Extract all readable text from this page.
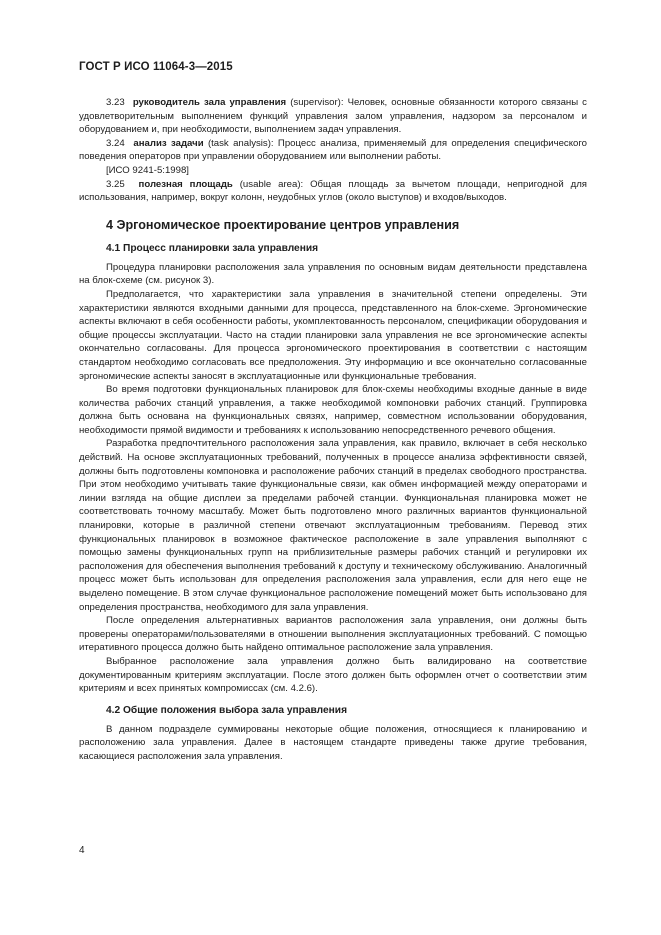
ГОСТ Р ИСО 11064-3—2015

3.23 руководитель зала управления (supervisor): Человек, основные обязанности которого связаны с удовлетворительным выполнением функций управления залом управления, надзором за персоналом и оборудованием и, при необходимости, выполнением задач управления.

3.24 анализ задачи (task analysis): Процесс анализа, применяемый для определения специфического поведения операторов при управлении оборудованием или выполнении работы.

[ИСО 9241-5:1998]

3.25 полезная площадь (usable area): Общая площадь за вычетом площади, непригодной для использования, например, вокруг колонн, неудобных углов (около выступов) и входов/выходов.

4 Эргономическое проектирование центров управления
4.1 Процесс планировки зала управления

Процедура планировки расположения зала управления по основным видам деятельности представлена на блок-схеме (см. рисунок 3).

Предполагается, что характеристики зала управления в значительной степени определены. Эти характеристики являются входными данными для процесса, представленного на блок-схеме. Эргономические аспекты включают в себя особенности работы, укомплектованность персоналом, спецификации оборудования и общие процессы эксплуатации. Часто на стадии планировки зала управления не все эргономические аспекты окончательно согласованы. Для процесса эргономического проектирования в соответствии с настоящим стандартом необходимо согласовать все предположения. Эту информацию и все окончательно согласованные эргономические аспекты заносят в эксплуатационные или функциональные требования.

Во время подготовки функциональных планировок для блок-схемы необходимы входные данные в виде количества рабочих станций управления, а также необходимой компоновки рабочих станций. Группировка должна быть основана на функциональных связях, например, совместном использовании оборудования, необходимости прямой видимости и требованиях к использованию непосредственного речевого общения.

Разработка предпочтительного расположения зала управления, как правило, включает в себя несколько действий. На основе эксплуатационных требований, полученных в процессе анализа эффективности связей, должны быть подготовлены компоновка и расположение рабочих станций в пределах свободного пространства. При этом необходимо учитывать такие функциональные связи, как обмен информацией между операторами и линии взгляда на общие дисплеи за пределами рабочей станции. Функциональная планировка может не соответствовать точному масштабу. Может быть подготовлено много различных вариантов функциональной планировки, которые в различной степени отвечают эксплуатационным требованиям. Перевод этих функциональных планировок в возможное фактическое расположение в зале управления выполняют с помощью замены функциональных групп на приблизительные размеры рабочих станций и регулировки их расположения для обеспечения выполнения требований к доступу и техническому обслуживанию. Аналогичный процесс может быть использован для определения расположения зала управления, если для него еще не выделено помещение. В этом случае функциональное расположение помещений может быть использовано для определения пространства, необходимого для зала управления.

После определения альтернативных вариантов расположения зала управления, они должны быть проверены операторами/пользователями в отношении выполнения эксплуатационных требований. С помощью итеративного процесса должно быть найдено оптимальное расположение зала управления.

Выбранное расположение зала управления должно быть валидировано на соответствие документированным критериям эксплуатации. После этого должен быть оформлен отчет о соответствии этим критериям и всех принятых компромиссах (см. 4.2.6).

4.2 Общие положения выбора зала управления

В данном подразделе суммированы некоторые общие положения, относящиеся к планированию и расположению зала управления. Далее в настоящем стандарте приведены также другие требования, касающиеся расположения зала управления.

4
